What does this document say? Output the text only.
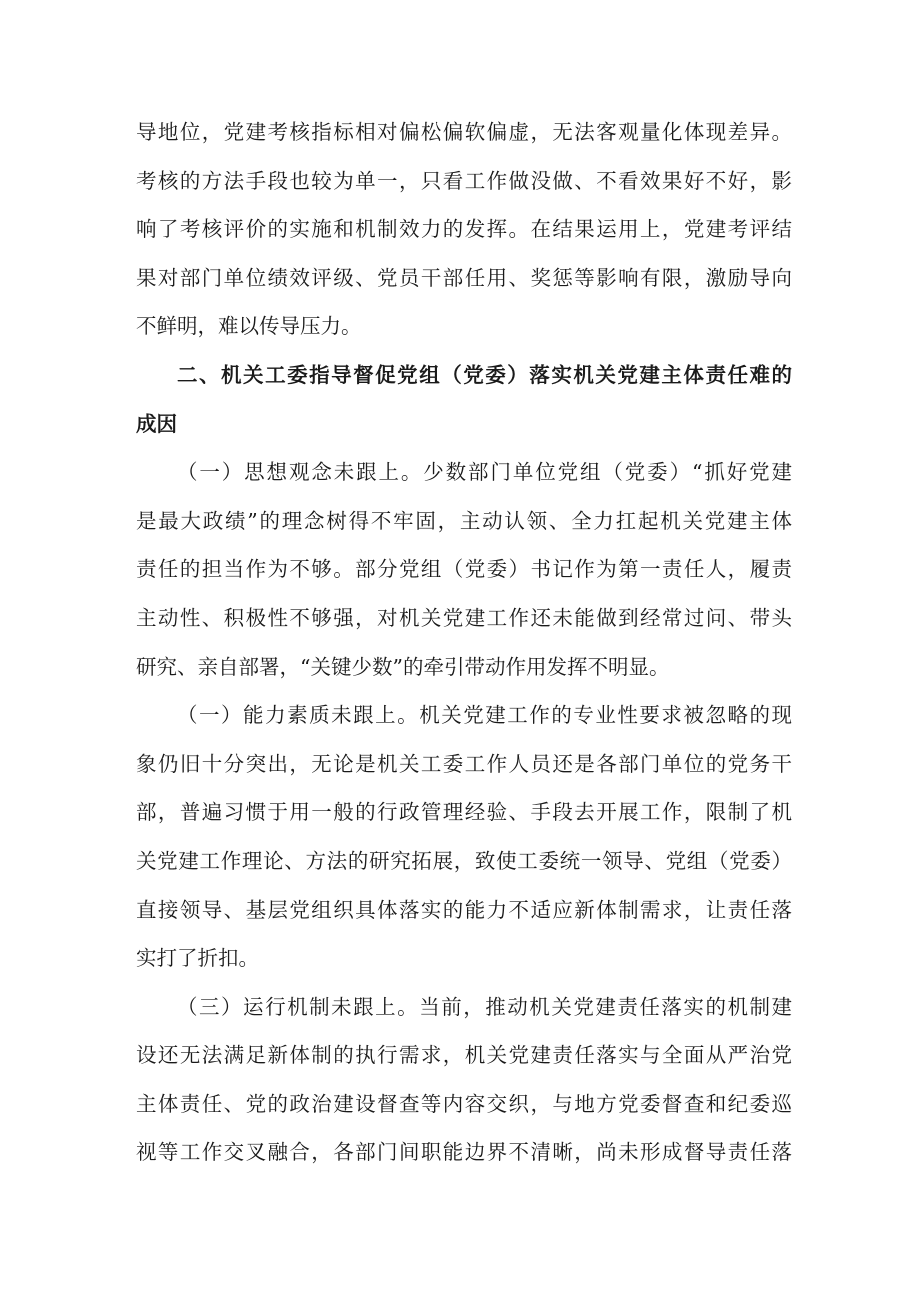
导地位，党建考核指标相对偏松偏软偏虚，无法客观量化体现差异。
考核的方法手段也较为单一，只看工作做没做、不看效果好不好，影
响了考核评价的实施和机制效力的发挥。在结果运用上，党建考评结
果对部门单位绩效评级、党员干部任用、奖惩等影响有限，激励导向
不鲜明，难以传导压力。
二、机关工委指导督促党组（党委）落实机关党建主体责任难的
成因
（一）思想观念未跟上。少数部门单位党组（党委）“抓好党建
是最大政绩”的理念树得不牢固，主动认领、全力扛起机关党建主体
责任的担当作为不够。部分党组（党委）书记作为第一责任人，履责
主动性、积极性不够强，对机关党建工作还未能做到经常过问、带头
研究、亲自部署，“关键少数”的牵引带动作用发挥不明显。
（一）能力素质未跟上。机关党建工作的专业性要求被忽略的现
象仍旧十分突出，无论是机关工委工作人员还是各部门单位的党务干
部，普遍习惯于用一般的行政管理经验、手段去开展工作，限制了机
关党建工作理论、方法的研究拓展，致使工委统一领导、党组（党委）
直接领导、基层党组织具体落实的能力不适应新体制需求，让责任落
实打了折扣。
（三）运行机制未跟上。当前，推动机关党建责任落实的机制建
设还无法满足新体制的执行需求，机关党建责任落实与全面从严治党
主体责任、党的政治建设督查等内容交织，与地方党委督查和纪委巡
视等工作交叉融合，各部门间职能边界不清晰，尚未形成督导责任落
